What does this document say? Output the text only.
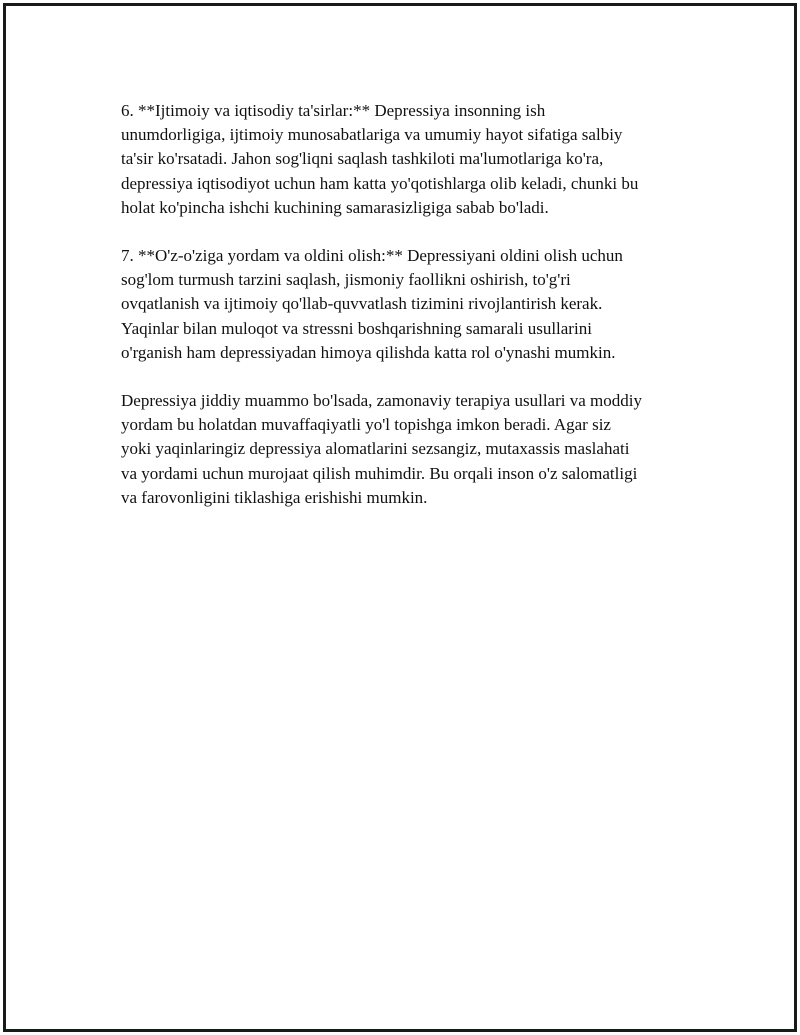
6. **Ijtimoiy va iqtisodiy ta'sirlar:** Depressiya insonning ish
unumdorligiga, ijtimoiy munosabatlariga va umumiy hayot sifatiga salbiy
ta'sir ko'rsatadi. Jahon sog'liqni saqlash tashkiloti ma'lumotlariga ko'ra,
depressiya iqtisodiyot uchun ham katta yo'qotishlarga olib keladi, chunki bu
holat ko'pincha ishchi kuchining samarasizligiga sabab bo'ladi.

7. **O'z-o'ziga yordam va oldini olish:** Depressiyani oldini olish uchun
sog'lom turmush tarzini saqlash, jismoniy faollikni oshirish, to'g'ri
ovqatlanish va ijtimoiy qo'llab-quvvatlash tizimini rivojlantirish kerak.
Yaqinlar bilan muloqot va stressni boshqarishning samarali usullarini
o'rganish ham depressiyadan himoya qilishda katta rol o'ynashi mumkin.

Depressiya jiddiy muammo bo'lsada, zamonaviy terapiya usullari va moddiy
yordam bu holatdan muvaffaqiyatli yo'l topishga imkon beradi. Agar siz
yoki yaqinlaringiz depressiya alomatlarini sezsangiz, mutaxassis maslahati
va yordami uchun murojaat qilish muhimdir. Bu orqali inson o'z salomatligi
va farovonligini tiklashiga erishishi mumkin.
